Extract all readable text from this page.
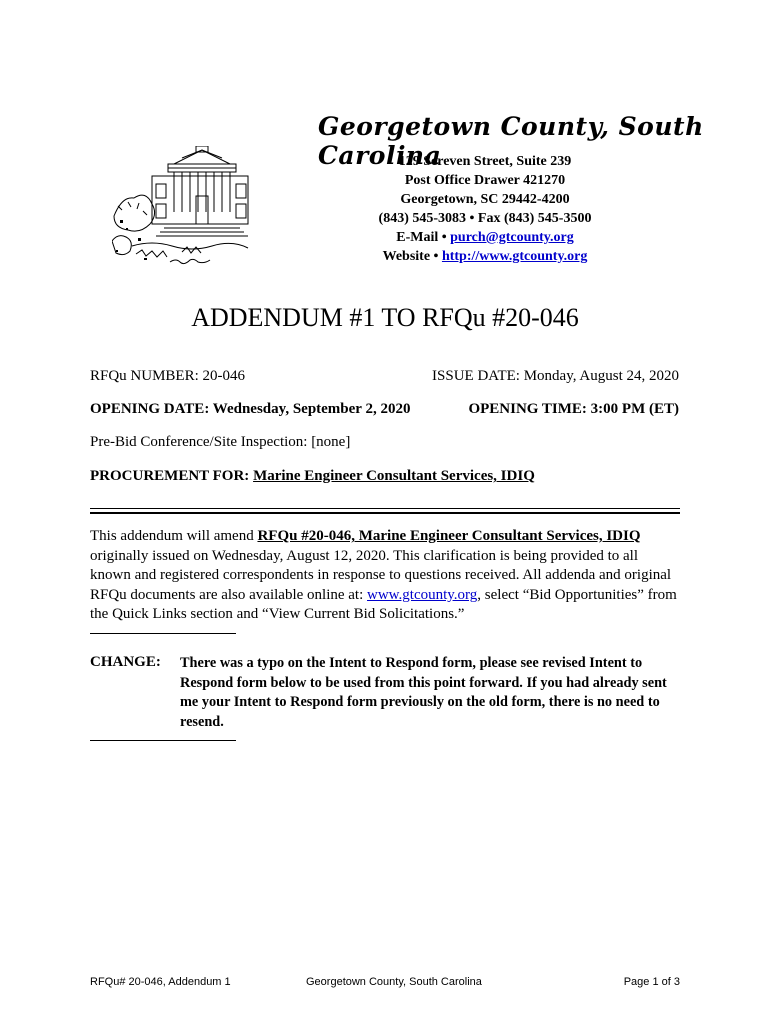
Georgetown County, South Carolina
129 Screven Street, Suite 239
Post Office Drawer 421270
Georgetown, SC 29442-4200
(843) 545-3083 • Fax (843) 545-3500
E-Mail • purch@gtcounty.org
Website • http://www.gtcounty.org
ADDENDUM #1 TO RFQu #20-046
RFQu NUMBER: 20-046	ISSUE DATE: Monday, August 24, 2020
OPENING DATE: Wednesday, September 2, 2020	OPENING TIME: 3:00 PM (ET)
Pre-Bid Conference/Site Inspection: [none]
PROCUREMENT FOR: Marine Engineer Consultant Services, IDIQ
This addendum will amend RFQu #20-046, Marine Engineer Consultant Services, IDIQ originally issued on Wednesday, August 12, 2020. This clarification is being provided to all known and registered correspondents in response to questions received. All addenda and original RFQu documents are also available online at: www.gtcounty.org, select “Bid Opportunities” from the Quick Links section and “View Current Bid Solicitations.”
CHANGE: There was a typo on the Intent to Respond form, please see revised Intent to Respond form below to be used from this point forward. If you had already sent me your Intent to Respond form previously on the old form, there is no need to resend.
RFQu# 20-046, Addendum 1	Georgetown County, South Carolina	Page 1 of 3
